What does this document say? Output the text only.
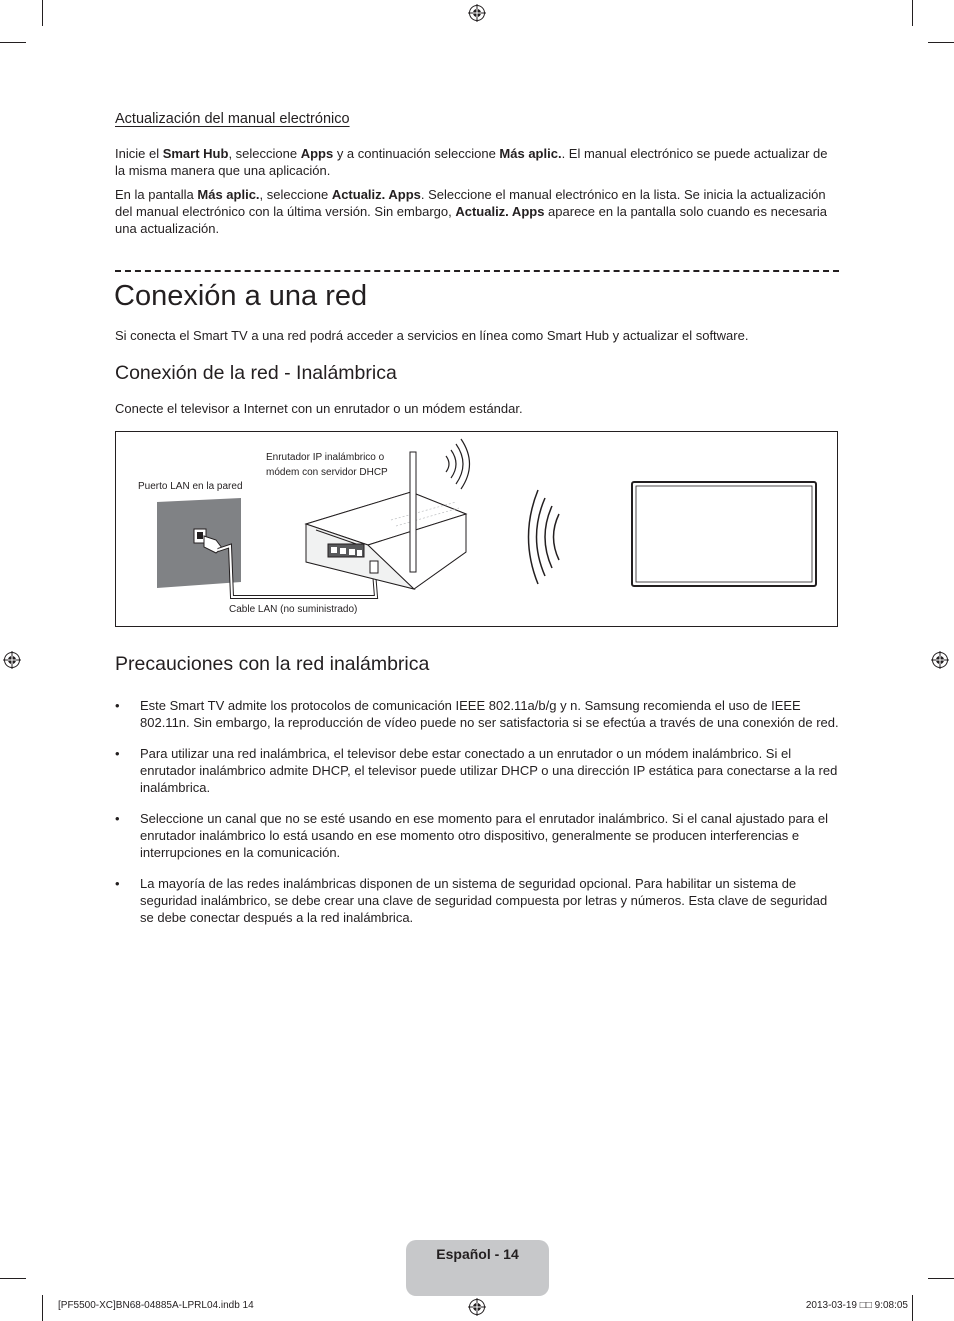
Actualización del manual electrónico

Inicie el Smart Hub, seleccione Apps y a continuación seleccione Más aplic.. El manual electrónico se puede actualizar de la misma manera que una aplicación.

En la pantalla Más aplic., seleccione Actualiz. Apps. Seleccione el manual electrónico en la lista. Se inicia la actualización del manual electrónico con la última versión. Sin embargo, Actualiz. Apps aparece en la pantalla solo cuando es necesaria una actualización.

Conexión a una red

Si conecta el Smart TV a una red podrá acceder a servicios en línea como Smart Hub y actualizar el software.

Conexión de la red - Inalámbrica

Conecte el televisor a Internet con un enrutador o un módem estándar.

Puerto LAN en la pared
Enrutador IP inalámbrico o
módem con servidor DHCP
Cable LAN (no suministrado)
Precauciones con la red inalámbrica
• Este Smart TV admite los protocolos de comunicación IEEE 802.11a/b/g y n. Samsung recomienda el uso de IEEE 802.11n. Sin embargo, la reproducción de vídeo puede no ser satisfactoria si se efectúa a través de una conexión de red.
• Para utilizar una red inalámbrica, el televisor debe estar conectado a un enrutador o un módem inalámbrico. Si el enrutador inalámbrico admite DHCP, el televisor puede utilizar DHCP o una dirección IP estática para conectarse a la red inalámbrica.
• Seleccione un canal que no se esté usando en ese momento para el enrutador inalámbrico. Si el canal ajustado para el enrutador inalámbrico lo está usando en ese momento otro dispositivo, generalmente se producen interferencias e interrupciones en la comunicación.
• La mayoría de las redes inalámbricas disponen de un sistema de seguridad opcional. Para habilitar un sistema de seguridad inalámbrico, se debe crear una clave de seguridad compuesta por letras y números. Esta clave de seguridad se debe conectar después a la red inalámbrica.
Español - 14
[PF5500-XC]BN68-04885A-LPRL04.indb 14	2013-03-19 □□ 9:08:05
